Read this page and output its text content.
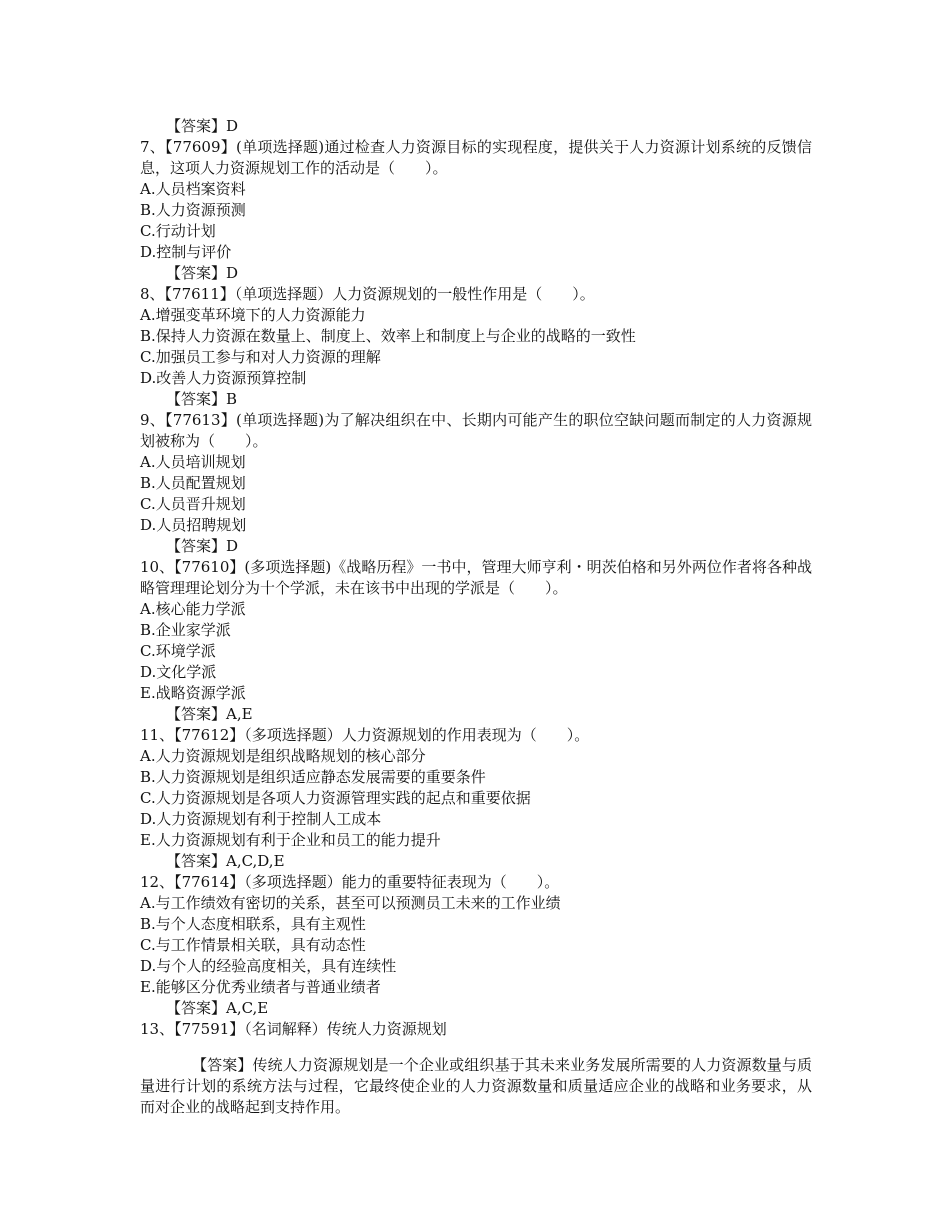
【答案】D

7、【77609】(单项选择题)通过检查人力资源目标的实现程度，提供关于人力资源计划系统的反馈信息，这项人力资源规划工作的活动是（　　）。

A.人员档案资料

B.人力资源预测

C.行动计划

D.控制与评价

【答案】D

8、【77611】（单项选择题）人力资源规划的一般性作用是（　　）。

A.增强变革环境下的人力资源能力

B.保持人力资源在数量上、制度上、效率上和制度上与企业的战略的一致性

C.加强员工参与和对人力资源的理解

D.改善人力资源预算控制

【答案】B

9、【77613】(单项选择题)为了解决组织在中、长期内可能产生的职位空缺问题而制定的人力资源规划被称为（　　）。

A.人员培训规划

B.人员配置规划

C.人员晋升规划

D.人员招聘规划

【答案】D

10、【77610】(多项选择题)《战略历程》一书中，管理大师亨利・明茨伯格和另外两位作者将各种战略管理理论划分为十个学派，未在该书中出现的学派是（　　）。

A.核心能力学派

B.企业家学派

C.环境学派

D.文化学派

E.战略资源学派

【答案】A,E

11、【77612】（多项选择题）人力资源规划的作用表现为（　　）。

A.人力资源规划是组织战略规划的核心部分

B.人力资源规划是组织适应静态发展需要的重要条件

C.人力资源规划是各项人力资源管理实践的起点和重要依据

D.人力资源规划有利于控制人工成本

E.人力资源规划有利于企业和员工的能力提升

【答案】A,C,D,E

12、【77614】（多项选择题）能力的重要特征表现为（　　）。

A.与工作绩效有密切的关系，甚至可以预测员工未来的工作业绩

B.与个人态度相联系，具有主观性

C.与工作情景相关联，具有动态性

D.与个人的经验高度相关，具有连续性

E.能够区分优秀业绩者与普通业绩者

【答案】A,C,E

13、【77591】（名词解释）传统人力资源规划

【答案】传统人力资源规划是一个企业或组织基于其未来业务发展所需要的人力资源数量与质量进行计划的系统方法与过程，它最终使企业的人力资源数量和质量适应企业的战略和业务要求，从而对企业的战略起到支持作用。
